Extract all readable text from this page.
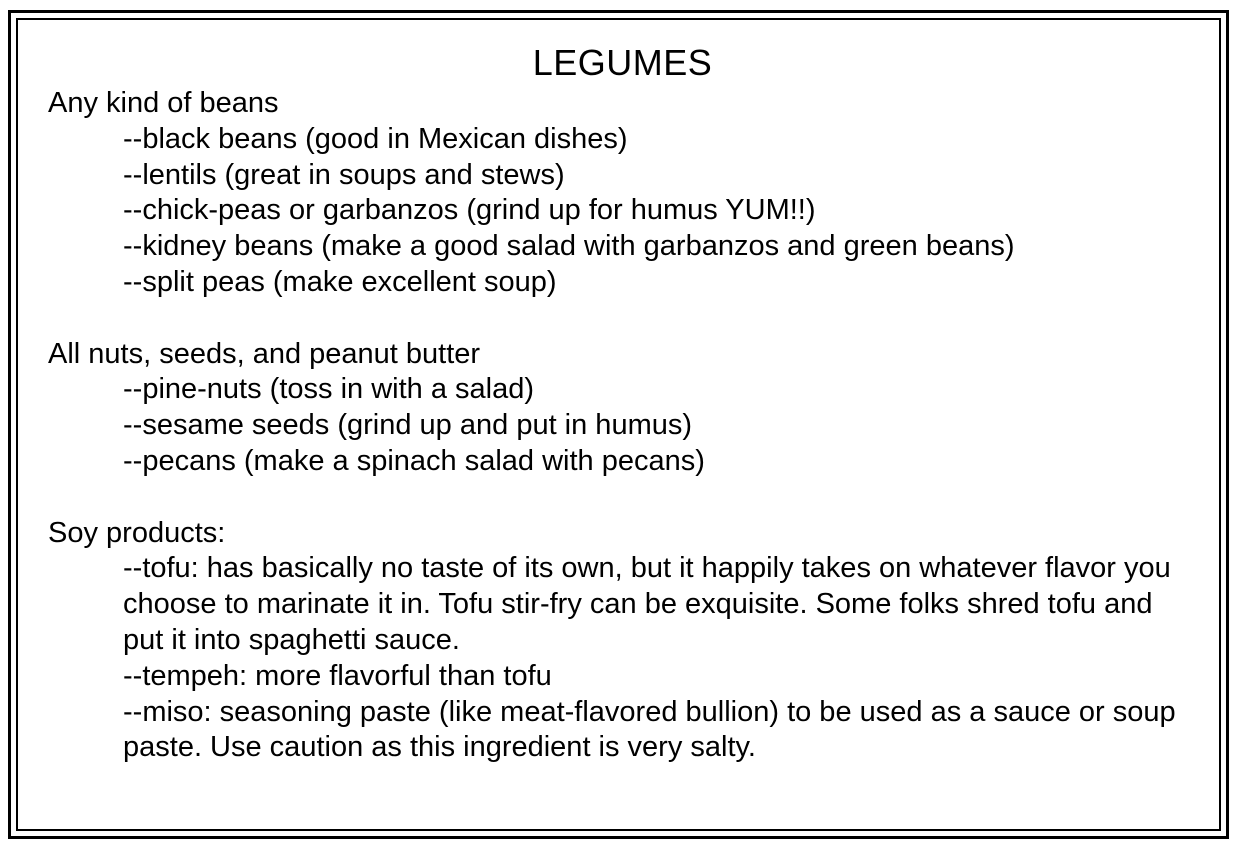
LEGUMES

Any kind of beans

--black beans (good in Mexican dishes)
--lentils (great in soups and stews)
--chick-peas or garbanzos (grind up for humus YUM!!)
--kidney beans (make a good salad with garbanzos and green beans)
--split peas (make excellent soup)

All nuts, seeds, and peanut butter

--pine-nuts (toss in with a salad)
--sesame seeds (grind up and put in humus)
--pecans (make a spinach salad with pecans)

Soy products:

--tofu: has basically no taste of its own, but it happily takes on whatever flavor you choose to marinate it in. Tofu stir-fry can be exquisite. Some folks shred tofu and put it into spaghetti sauce.
--tempeh: more flavorful than tofu
--miso: seasoning paste (like meat-flavored bullion) to be used as a sauce or soup paste. Use caution as this ingredient is very salty.
